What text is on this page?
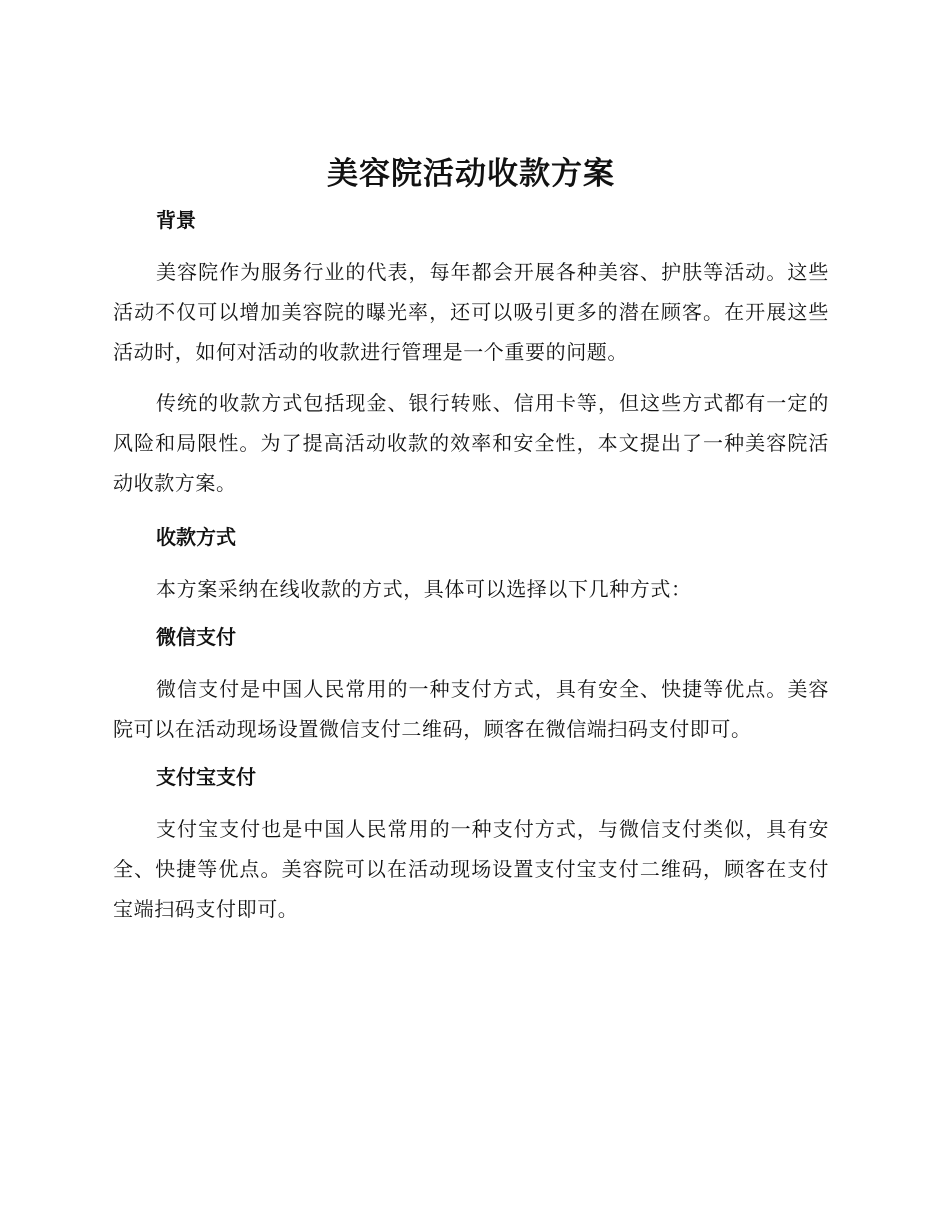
美容院活动收款方案
背景

美容院作为服务行业的代表，每年都会开展各种美容、护肤等活动。这些活动不仅可以增加美容院的曝光率，还可以吸引更多的潜在顾客。在开展这些活动时，如何对活动的收款进行管理是一个重要的问题。

传统的收款方式包括现金、银行转账、信用卡等，但这些方式都有一定的风险和局限性。为了提高活动收款的效率和安全性，本文提出了一种美容院活动收款方案。

收款方式

本方案采纳在线收款的方式，具体可以选择以下几种方式：

微信支付

微信支付是中国人民常用的一种支付方式，具有安全、快捷等优点。美容院可以在活动现场设置微信支付二维码，顾客在微信端扫码支付即可。

支付宝支付

支付宝支付也是中国人民常用的一种支付方式，与微信支付类似，具有安全、快捷等优点。美容院可以在活动现场设置支付宝支付二维码，顾客在支付宝端扫码支付即可。
